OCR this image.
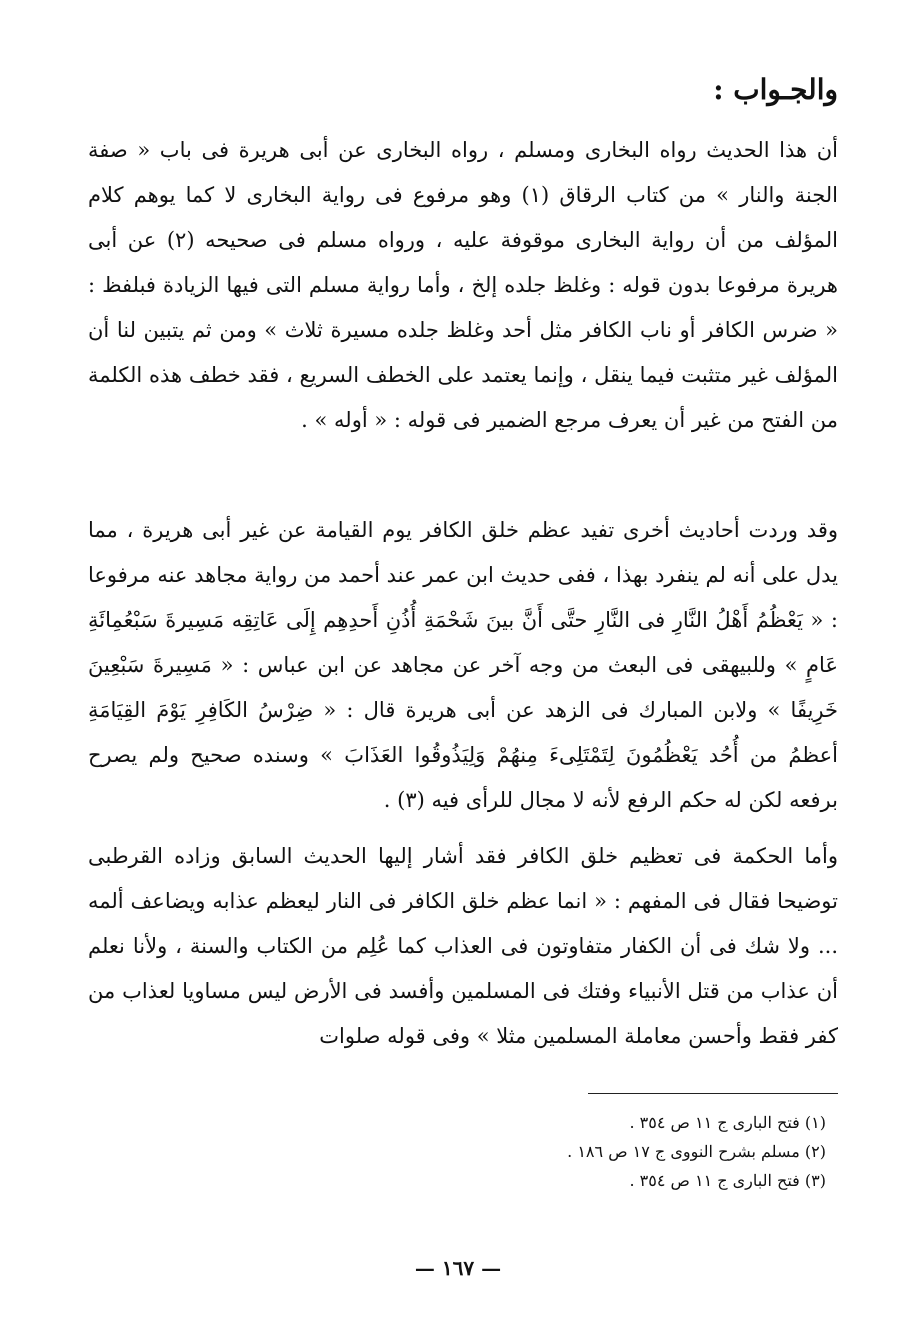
والجـواب :

أن هذا الحديث رواه البخارى ومسلم ، رواه البخارى عن أبى هريرة فى باب « صفة الجنة والنار » من كتاب الرقاق (١) وهو مرفوع فى رواية البخارى لا كما يوهم كلام المؤلف من أن رواية البخارى موقوفة عليه ، ورواه مسلم فى صحيحه (٢) عن أبى هريرة مرفوعا بدون قوله : وغلظ جلده إلخ ، وأما رواية مسلم التى فيها الزيادة فبلفظ : « ضرس الكافر أو ناب الكافر مثل أحد وغلظ جلده مسيرة ثلاث » ومن ثم يتبين لنا أن المؤلف غير متثبت فيما ينقل ، وإنما يعتمد على الخطف السريع ، فقد خطف هذه الكلمة من الفتح من غير أن يعرف مرجع الضمير فى قوله : « أوله » .

وقد وردت أحاديث أخرى تفيد عظم خلق الكافر يوم القيامة عن غير أبى هريرة ، مما يدل على أنه لم ينفرد بهذا ، ففى حديث ابن عمر عند أحمد من رواية مجاهد عنه مرفوعا : « يَعْظُمُ أَهْلُ النَّارِ فى النَّارِ حتَّى أَنَّ بينَ شَحْمَةِ أُذُنِ أَحدِهِم إِلَى عَاتِقِه مَسِيرةَ سَبْعُمِائَةِ عَامٍ » وللبيهقى فى البعث من وجه آخر عن مجاهد عن ابن عباس : « مَسِيرةَ سَبْعِينَ خَرِيفًا » ولابن المبارك فى الزهد عن أبى هريرة قال : « ضِرْسُ الكَافِرِ يَوْمَ القِيَامَةِ أعظمُ من أُحُد يَعْظُمُونَ لِتَمْتَلِىءَ مِنهُمْ وَلِيَذُوقُوا العَذَابَ » وسنده صحيح ولم يصرح برفعه لكن له حكم الرفع لأنه لا مجال للرأى فيه (٣) .

وأما الحكمة فى تعظيم خلق الكافر فقد أشار إليها الحديث السابق وزاده القرطبى توضيحا فقال فى المفهم : « انما عظم خلق الكافر فى النار ليعظم عذابه ويضاعف ألمه ... ولا شك فى أن الكفار متفاوتون فى العذاب كما عُلِم من الكتاب والسنة ، ولأنا نعلم أن عذاب من قتل الأنبياء وفتك فى المسلمين وأفسد فى الأرض ليس مساويا لعذاب من كفر فقط وأحسن معاملة المسلمين مثلا » وفى قوله صلوات

(١) فتح البارى ج ١١ ص ٣٥٤ .
(٢) مسلم بشرح النووى ج ١٧ ص ١٨٦ .
(٣) فتح البارى ج ١١ ص ٣٥٤ .
— ١٦٧ —
